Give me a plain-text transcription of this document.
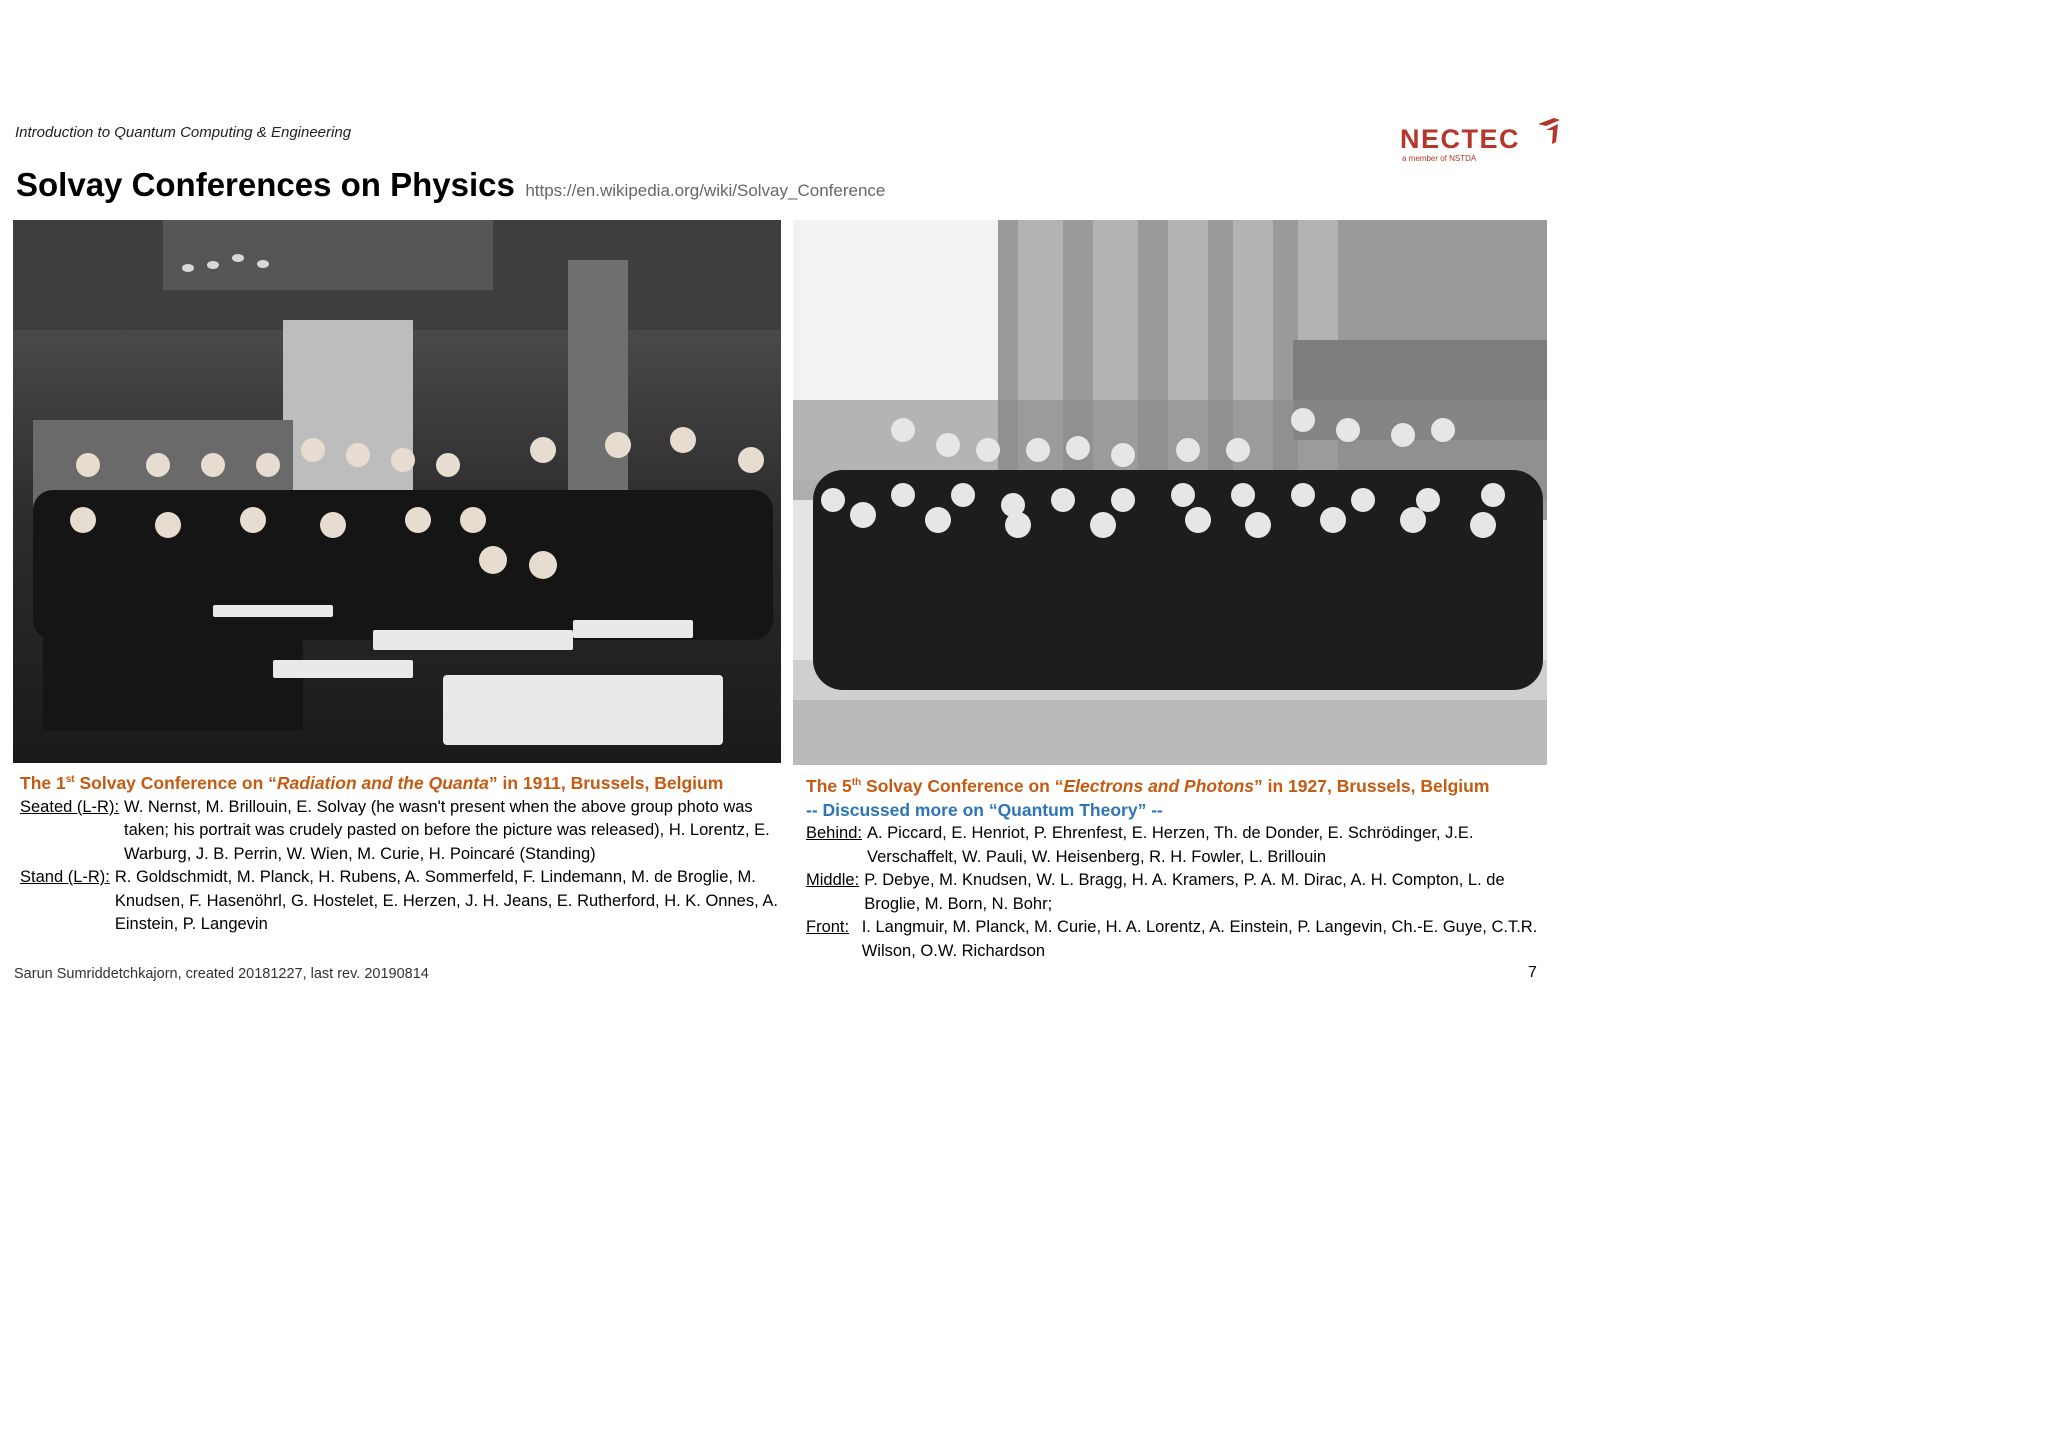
Introduction to Quantum Computing & Engineering
Solvay Conferences on Physics https://en.wikipedia.org/wiki/Solvay_Conference
NECTEC
a member of NSTDA
The 1st Solvay Conference on “Radiation and the Quanta” in 1911, Brussels, Belgium
Seated (L-R): W. Nernst, M. Brillouin, E. Solvay (he wasn't present when the above group photo was taken; his portrait was crudely pasted on before the picture was released), H. Lorentz, E. Warburg, J. B. Perrin, W. Wien, M. Curie, H. Poincaré (Standing)
Stand (L-R): R. Goldschmidt, M. Planck, H. Rubens, A. Sommerfeld, F. Lindemann, M. de Broglie, M. Knudsen, F. Hasenöhrl, G. Hostelet, E. Herzen, J. H. Jeans, E. Rutherford, H. K. Onnes, A. Einstein, P. Langevin
The 5th Solvay Conference on “Electrons and Photons” in 1927, Brussels, Belgium
-- Discussed more on “Quantum Theory” --
Behind: A. Piccard, E. Henriot, P. Ehrenfest, E. Herzen, Th. de Donder, E. Schrödinger, J.E. Verschaffelt, W. Pauli, W. Heisenberg, R. H. Fowler, L. Brillouin
Middle: P. Debye, M. Knudsen, W. L. Bragg, H. A. Kramers, P. A. M. Dirac, A. H. Compton, L. de Broglie, M. Born, N. Bohr;
Front: I. Langmuir, M. Planck, M. Curie, H. A. Lorentz, A. Einstein, P. Langevin, Ch.-E. Guye, C.T.R. Wilson, O.W. Richardson
Sarun Sumriddetchkajorn, created 20181227, last rev. 20190814	7
